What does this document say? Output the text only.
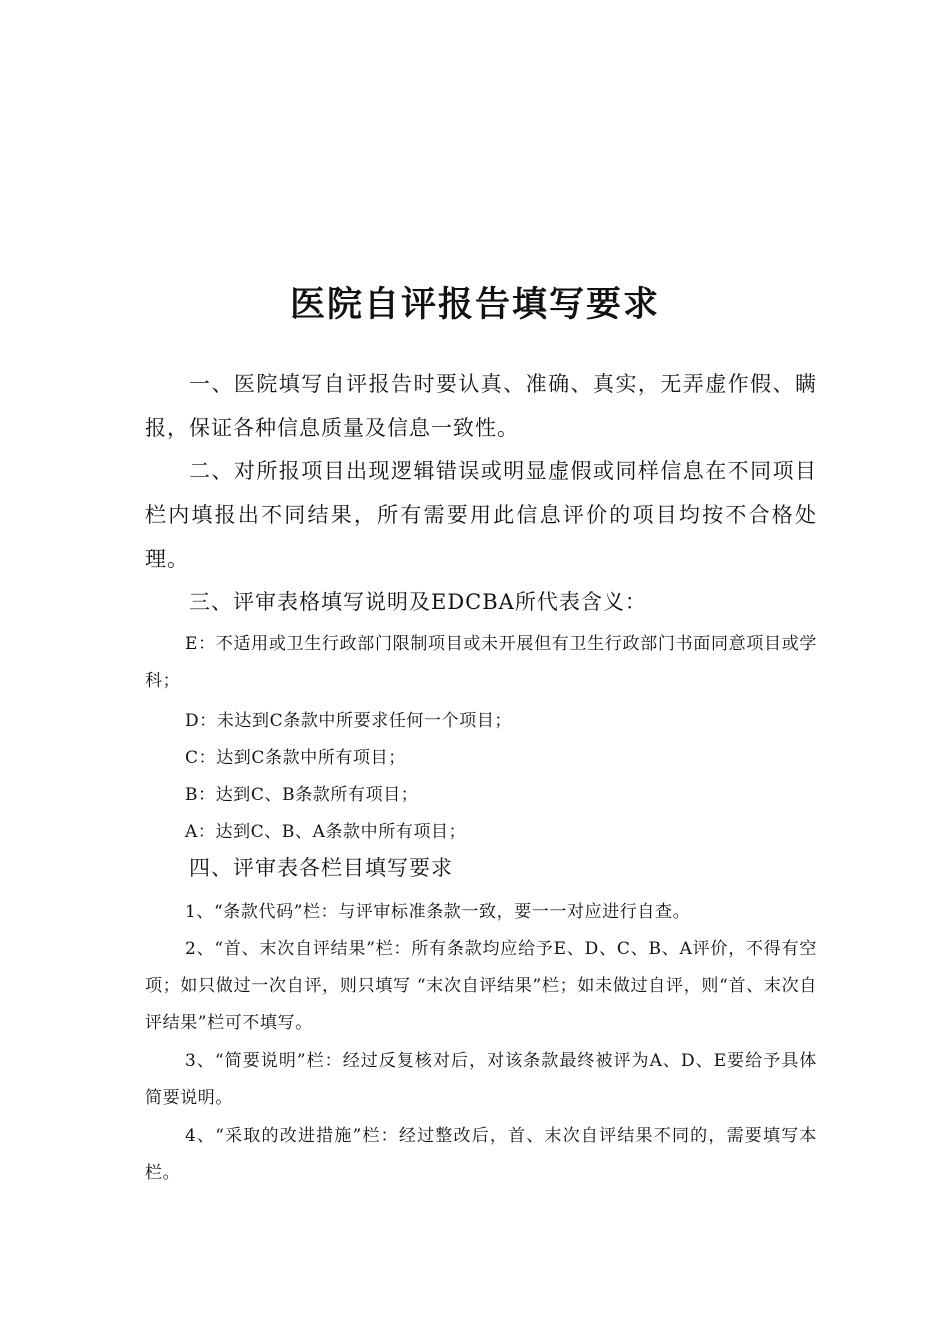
医院自评报告填写要求

一、医院填写自评报告时要认真、准确、真实，无弄虚作假、瞒报，保证各种信息质量及信息一致性。

二、对所报项目出现逻辑错误或明显虚假或同样信息在不同项目栏内填报出不同结果，所有需要用此信息评价的项目均按不合格处理。

三、评审表格填写说明及EDCBA所代表含义：

E：不适用或卫生行政部门限制项目或未开展但有卫生行政部门书面同意项目或学科；

D：未达到C条款中所要求任何一个项目；

C：达到C条款中所有项目；

B：达到C、B条款所有项目；

A：达到C、B、A条款中所有项目；

四、评审表各栏目填写要求

1、“条款代码”栏：与评审标准条款一致，要一一对应进行自查。

2、“首、末次自评结果”栏：所有条款均应给予E、D、C、B、A评价，不得有空项；如只做过一次自评，则只填写 “末次自评结果”栏；如未做过自评，则“首、末次自评结果”栏可不填写。

3、“简要说明”栏：经过反复核对后，对该条款最终被评为A、D、E要给予具体简要说明。

4、“采取的改进措施”栏：经过整改后，首、末次自评结果不同的，需要填写本栏。
